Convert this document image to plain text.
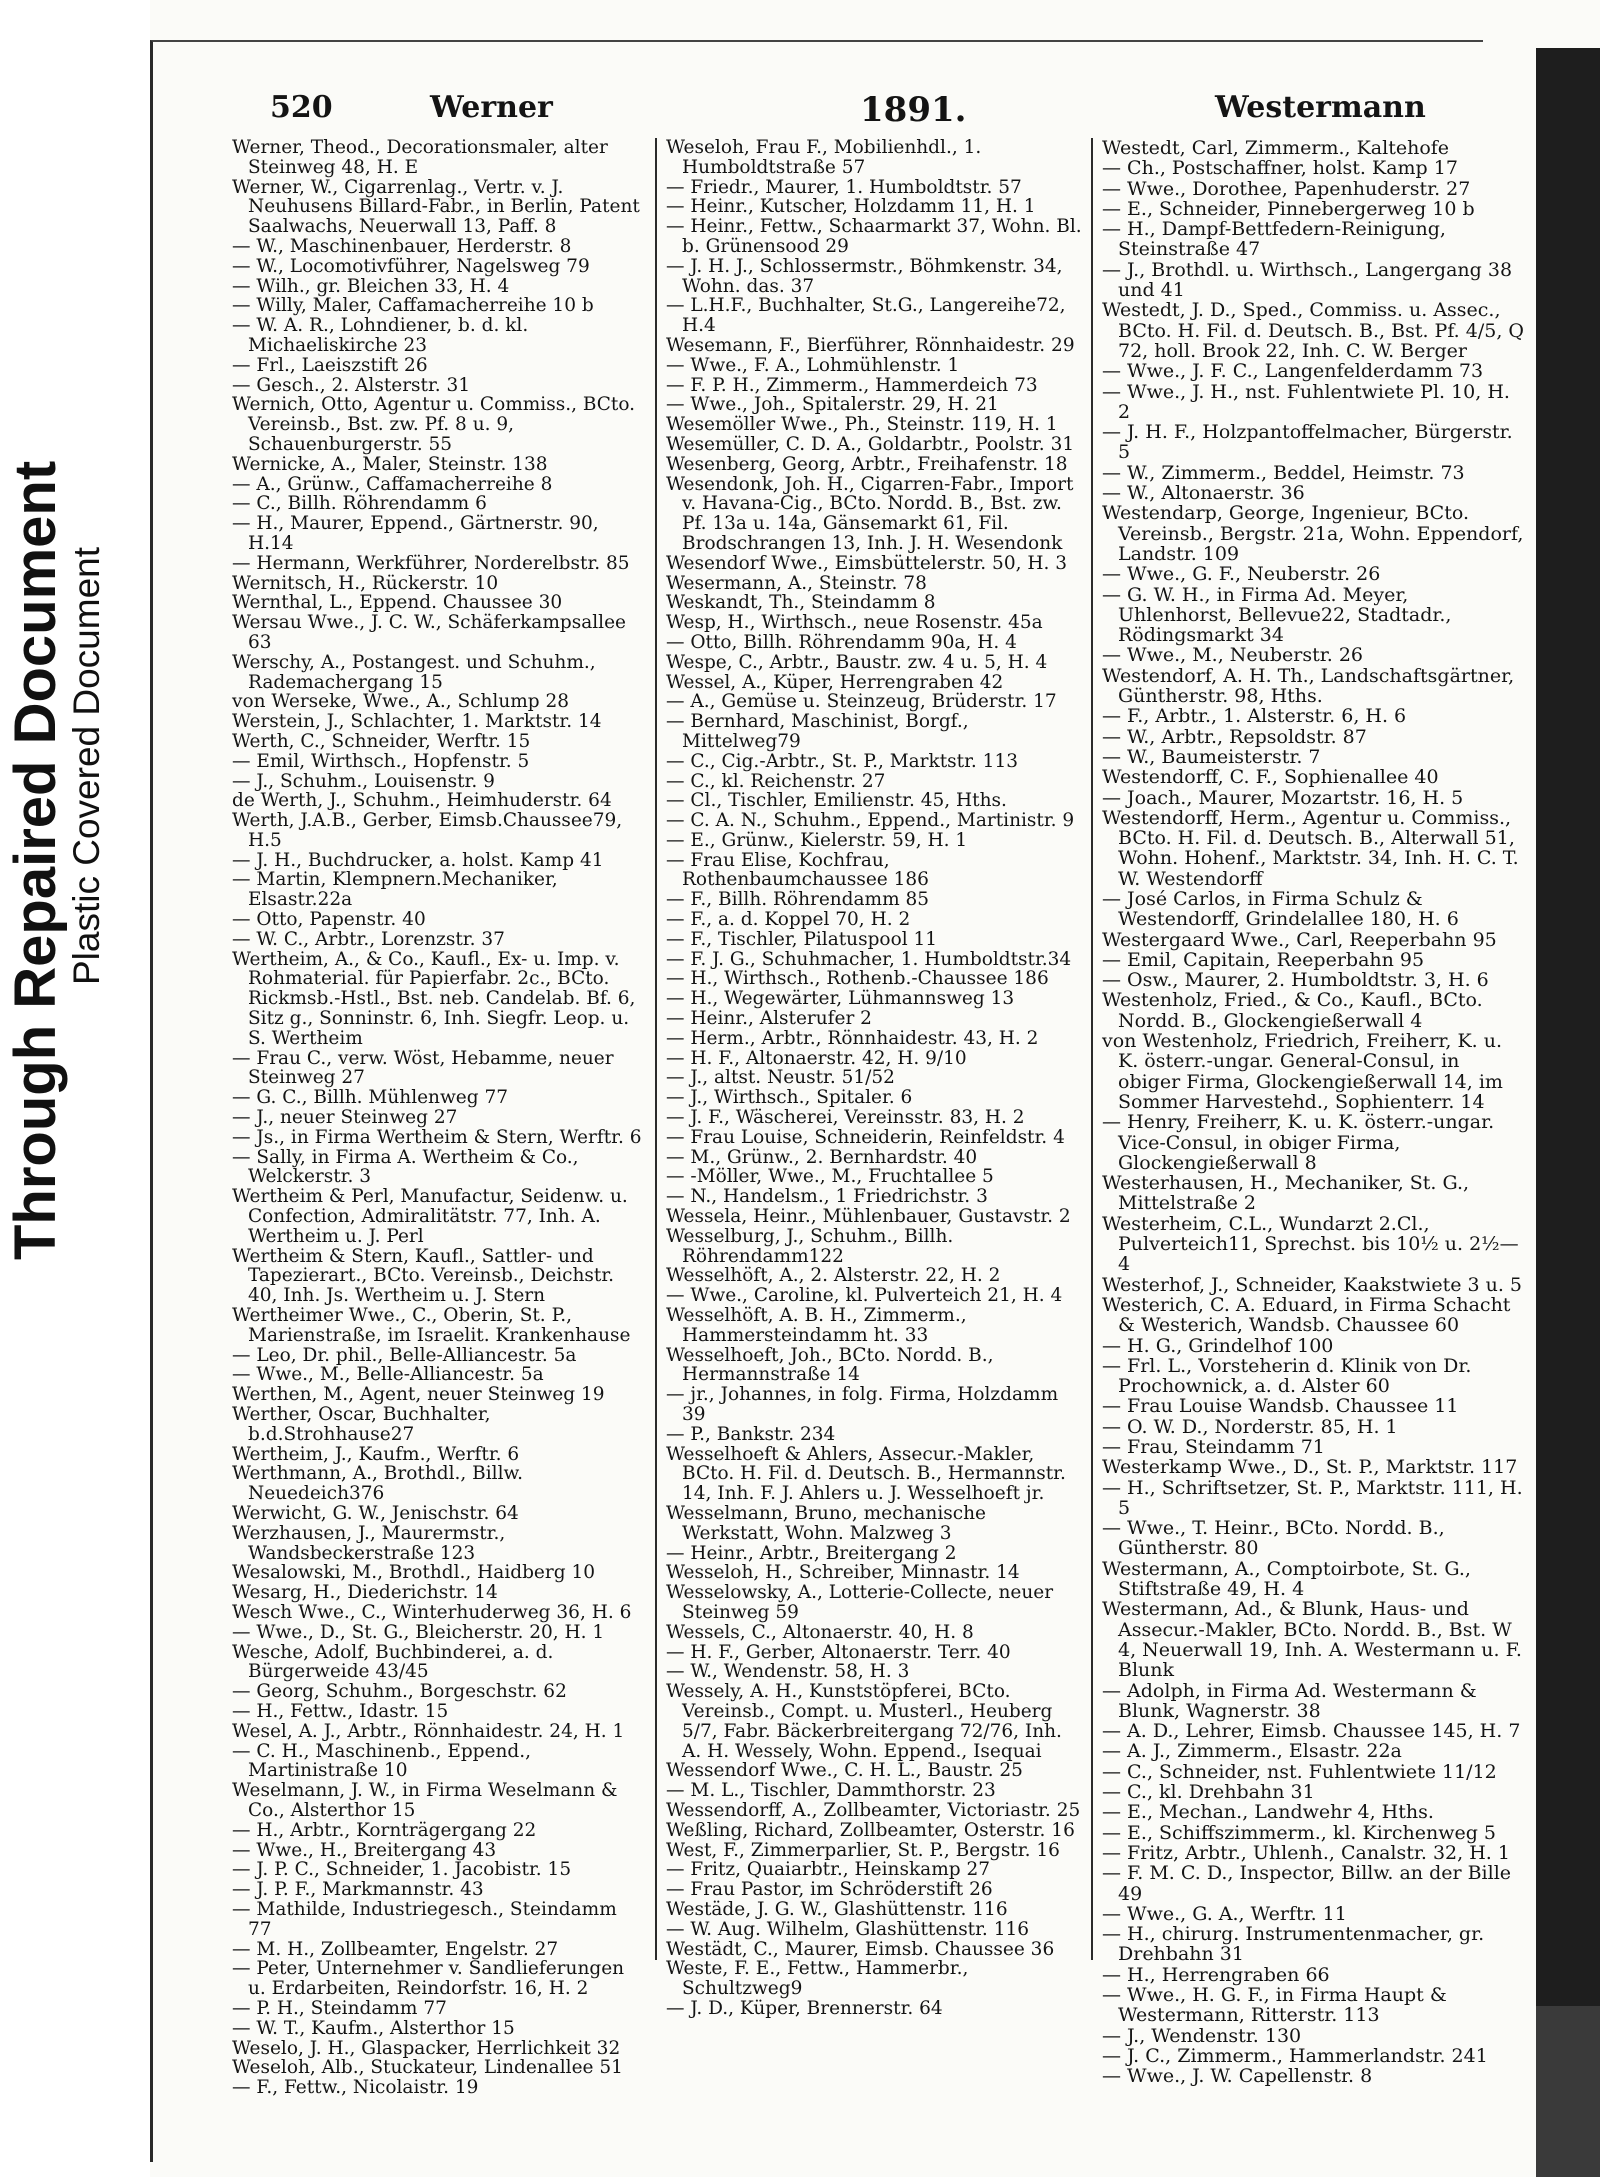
Through Repaired Document
Plastic Covered Document
520	Werner	1891.	Westermann

Werner, Theod., Decorationsmaler, alter Steinweg 48, H. E

Werner, W., Cigarrenlag., Vertr. v. J. Neuhusens Billard-Fabr., in Berlin, Patent Saalwachs, Neuerwall 13, Paff. 8

— W., Maschinenbauer, Herderstr. 8

— W., Locomotivführer, Nagelsweg 79

— Wilh., gr. Bleichen 33, H. 4

— Willy, Maler, Caffamacherreihe 10 b

— W. A. R., Lohndiener, b. d. kl. Michaeliskirche 23

— Frl., Laeiszstift 26

— Gesch., 2. Alsterstr. 31

Wernich, Otto, Agentur u. Commiss., BCto. Vereinsb., Bst. zw. Pf. 8 u. 9, Schauenburgerstr. 55

Wernicke, A., Maler, Steinstr. 138

— A., Grünw., Caffamacherreihe 8

— C., Billh. Röhrendamm 6

— H., Maurer, Eppend., Gärtnerstr. 90, H.14

— Hermann, Werkführer, Norderelbstr. 85

Wernitsch, H., Rückerstr. 10

Wernthal, L., Eppend. Chaussee 30

Wersau Wwe., J. C. W., Schäferkampsallee 63

Werschy, A., Postangest. und Schuhm., Rademachergang 15

von Werseke, Wwe., A., Schlump 28

Werstein, J., Schlachter, 1. Marktstr. 14

Werth, C., Schneider, Werftr. 15

— Emil, Wirthsch., Hopfenstr. 5

— J., Schuhm., Louisenstr. 9

de Werth, J., Schuhm., Heimhuderstr. 64

Werth, J.A.B., Gerber, Eimsb.Chaussee79, H.5

— J. H., Buchdrucker, a. holst. Kamp 41

— Martin, Klempnern.Mechaniker, Elsastr.22a

— Otto, Papenstr. 40

— W. C., Arbtr., Lorenzstr. 37

Wertheim, A., & Co., Kaufl., Ex- u. Imp. v. Rohmaterial. für Papierfabr. 2c., BCto. Rickmsb.-Hstl., Bst. neb. Candelab. Bf. 6, Sitz g., Sonninstr. 6, Inh. Siegfr. Leop. u. S. Wertheim

— Frau C., verw. Wöst, Hebamme, neuer Steinweg 27

— G. C., Billh. Mühlenweg 77

— J., neuer Steinweg 27

— Js., in Firma Wertheim & Stern, Werftr. 6

— Sally, in Firma A. Wertheim & Co., Welckerstr. 3

Wertheim & Perl, Manufactur, Seidenw. u. Confection, Admiralitätstr. 77, Inh. A. Wertheim u. J. Perl

Wertheim & Stern, Kaufl., Sattler- und Tapezierart., BCto. Vereinsb., Deichstr. 40, Inh. Js. Wertheim u. J. Stern

Wertheimer Wwe., C., Oberin, St. P., Marienstraße, im Israelit. Krankenhause

— Leo, Dr. phil., Belle-Alliancestr. 5a

— Wwe., M., Belle-Alliancestr. 5a

Werthen, M., Agent, neuer Steinweg 19

Werther, Oscar, Buchhalter, b.d.Strohhause27

Wertheim, J., Kaufm., Werftr. 6

Werthmann, A., Brothdl., Billw. Neuedeich376

Werwicht, G. W., Jenischstr. 64

Werzhausen, J., Maurermstr., Wandsbeckerstraße 123

Wesalowski, M., Brothdl., Haidberg 10

Wesarg, H., Diederichstr. 14

Wesch Wwe., C., Winterhuderweg 36, H. 6

— Wwe., D., St. G., Bleicherstr. 20, H. 1

Wesche, Adolf, Buchbinderei, a. d. Bürgerweide 43/45

— Georg, Schuhm., Borgeschstr. 62

— H., Fettw., Idastr. 15

Wesel, A. J., Arbtr., Rönnhaidestr. 24, H. 1

— C. H., Maschinenb., Eppend., Martinistraße 10

Weselmann, J. W., in Firma Weselmann & Co., Alsterthor 15

— H., Arbtr., Kornträgergang 22

— Wwe., H., Breitergang 43

— J. P. C., Schneider, 1. Jacobistr. 15

— J. P. F., Markmannstr. 43

— Mathilde, Industriegesch., Steindamm 77

— M. H., Zollbeamter, Engelstr. 27

— Peter, Unternehmer v. Sandlieferungen u. Erdarbeiten, Reindorfstr. 16, H. 2

— P. H., Steindamm 77

— W. T., Kaufm., Alsterthor 15

Weselo, J. H., Glaspacker, Herrlichkeit 32

Weseloh, Alb., Stuckateur, Lindenallee 51

— F., Fettw., Nicolaistr. 19

Weseloh, Frau F., Mobilienhdl., 1. Humboldtstraße 57

— Friedr., Maurer, 1. Humboldtstr. 57

— Heinr., Kutscher, Holzdamm 11, H. 1

— Heinr., Fettw., Schaarmarkt 37, Wohn. Bl. b. Grünensood 29

— J. H. J., Schlossermstr., Böhmkenstr. 34, Wohn. das. 37

— L.H.F., Buchhalter, St.G., Langereihe72, H.4

Wesemann, F., Bierführer, Rönnhaidestr. 29

— Wwe., F. A., Lohmühlenstr. 1

— F. P. H., Zimmerm., Hammerdeich 73

— Wwe., Joh., Spitalerstr. 29, H. 21

Wesemöller Wwe., Ph., Steinstr. 119, H. 1

Wesemüller, C. D. A., Goldarbtr., Poolstr. 31

Wesenberg, Georg, Arbtr., Freihafenstr. 18

Wesendonk, Joh. H., Cigarren-Fabr., Import v. Havana-Cig., BCto. Nordd. B., Bst. zw. Pf. 13a u. 14a, Gänsemarkt 61, Fil. Brodschrangen 13, Inh. J. H. Wesendonk

Wesendorf Wwe., Eimsbüttelerstr. 50, H. 3

Wesermann, A., Steinstr. 78

Weskandt, Th., Steindamm 8

Wesp, H., Wirthsch., neue Rosenstr. 45a

— Otto, Billh. Röhrendamm 90a, H. 4

Wespe, C., Arbtr., Baustr. zw. 4 u. 5, H. 4

Wessel, A., Küper, Herrengraben 42

— A., Gemüse u. Steinzeug, Brüderstr. 17

— Bernhard, Maschinist, Borgf., Mittelweg79

— C., Cig.-Arbtr., St. P., Marktstr. 113

— C., kl. Reichenstr. 27

— Cl., Tischler, Emilienstr. 45, Hths.

— C. A. N., Schuhm., Eppend., Martinistr. 9

— E., Grünw., Kielerstr. 59, H. 1

— Frau Elise, Kochfrau, Rothenbaumchaussee 186

— F., Billh. Röhrendamm 85

— F., a. d. Koppel 70, H. 2

— F., Tischler, Pilatuspool 11

— F. J. G., Schuhmacher, 1. Humboldtstr.34

— H., Wirthsch., Rothenb.-Chaussee 186

— H., Wegewärter, Lühmannsweg 13

— Heinr., Alsterufer 2

— Herm., Arbtr., Rönnhaidestr. 43, H. 2

— H. F., Altonaerstr. 42, H. 9/10

— J., altst. Neustr. 51/52

— J., Wirthsch., Spitaler. 6

— J. F., Wäscherei, Vereinsstr. 83, H. 2

— Frau Louise, Schneiderin, Reinfeldstr. 4

— M., Grünw., 2. Bernhardstr. 40

— -Möller, Wwe., M., Fruchtallee 5

— N., Handelsm., 1 Friedrichstr. 3

Wessela, Heinr., Mühlenbauer, Gustavstr. 2

Wesselburg, J., Schuhm., Billh. Röhrendamm122

Wesselhöft, A., 2. Alsterstr. 22, H. 2

— Wwe., Caroline, kl. Pulverteich 21, H. 4

Wesselhöft, A. B. H., Zimmerm., Hammersteindamm ht. 33

Wesselhoeft, Joh., BCto. Nordd. B., Hermannstraße 14

— jr., Johannes, in folg. Firma, Holzdamm 39

— P., Bankstr. 234

Wesselhoeft & Ahlers, Assecur.-Makler, BCto. H. Fil. d. Deutsch. B., Hermannstr. 14, Inh. F. J. Ahlers u. J. Wesselhoeft jr.

Wesselmann, Bruno, mechanische Werkstatt, Wohn. Malzweg 3

— Heinr., Arbtr., Breitergang 2

Wesseloh, H., Schreiber, Minnastr. 14

Wesselowsky, A., Lotterie-Collecte, neuer Steinweg 59

Wessels, C., Altonaerstr. 40, H. 8

— H. F., Gerber, Altonaerstr. Terr. 40

— W., Wendenstr. 58, H. 3

Wessely, A. H., Kunststöpferei, BCto. Vereinsb., Compt. u. Musterl., Heuberg 5/7, Fabr. Bäckerbreitergang 72/76, Inh. A. H. Wessely, Wohn. Eppend., Isequai

Wessendorf Wwe., C. H. L., Baustr. 25

— M. L., Tischler, Dammthorstr. 23

Wessendorff, A., Zollbeamter, Victoriastr. 25

Weßling, Richard, Zollbeamter, Osterstr. 16

West, F., Zimmerparlier, St. P., Bergstr. 16

— Fritz, Quaiarbtr., Heinskamp 27

— Frau Pastor, im Schröderstift 26

Westäde, J. G. W., Glashüttenstr. 116

— W. Aug. Wilhelm, Glashüttenstr. 116

Westädt, C., Maurer, Eimsb. Chaussee 36

Weste, F. E., Fettw., Hammerbr., Schultzweg9

— J. D., Küper, Brennerstr. 64

Westedt, Carl, Zimmerm., Kaltehofe

— Ch., Postschaffner, holst. Kamp 17

— Wwe., Dorothee, Papenhuderstr. 27

— E., Schneider, Pinnebergerweg 10 b

— H., Dampf-Bettfedern-Reinigung, Steinstraße 47

— J., Brothdl. u. Wirthsch., Langergang 38 und 41

Westedt, J. D., Sped., Commiss. u. Assec., BCto. H. Fil. d. Deutsch. B., Bst. Pf. 4/5, Q 72, holl. Brook 22, Inh. C. W. Berger

— Wwe., J. F. C., Langenfelderdamm 73

— Wwe., J. H., nst. Fuhlentwiete Pl. 10, H. 2

— J. H. F., Holzpantoffelmacher, Bürgerstr. 5

— W., Zimmerm., Beddel, Heimstr. 73

— W., Altonaerstr. 36

Westendarp, George, Ingenieur, BCto. Vereinsb., Bergstr. 21a, Wohn. Eppendorf, Landstr. 109

— Wwe., G. F., Neuberstr. 26

— G. W. H., in Firma Ad. Meyer, Uhlenhorst, Bellevue22, Stadtadr., Rödingsmarkt 34

— Wwe., M., Neuberstr. 26

Westendorf, A. H. Th., Landschaftsgärtner, Güntherstr. 98, Hths.

— F., Arbtr., 1. Alsterstr. 6, H. 6

— W., Arbtr., Repsoldstr. 87

— W., Baumeisterstr. 7

Westendorff, C. F., Sophienallee 40

— Joach., Maurer, Mozartstr. 16, H. 5

Westendorff, Herm., Agentur u. Commiss., BCto. H. Fil. d. Deutsch. B., Alterwall 51, Wohn. Hohenf., Marktstr. 34, Inh. H. C. T. W. Westendorff

— José Carlos, in Firma Schulz & Westendorff, Grindelallee 180, H. 6

Westergaard Wwe., Carl, Reeperbahn 95

— Emil, Capitain, Reeperbahn 95

— Osw., Maurer, 2. Humboldtstr. 3, H. 6

Westenholz, Fried., & Co., Kaufl., BCto. Nordd. B., Glockengießerwall 4

von Westenholz, Friedrich, Freiherr, K. u. K. österr.-ungar. General-Consul, in obiger Firma, Glockengießerwall 14, im Sommer Harvestehd., Sophienterr. 14

— Henry, Freiherr, K. u. K. österr.-ungar. Vice-Consul, in obiger Firma, Glockengießerwall 8

Westerhausen, H., Mechaniker, St. G., Mittelstraße 2

Westerheim, C.L., Wundarzt 2.Cl., Pulverteich11, Sprechst. bis 10½ u. 2½—4

Westerhof, J., Schneider, Kaakstwiete 3 u. 5

Westerich, C. A. Eduard, in Firma Schacht & Westerich, Wandsb. Chaussee 60

— H. G., Grindelhof 100

— Frl. L., Vorsteherin d. Klinik von Dr. Prochownick, a. d. Alster 60

— Frau Louise Wandsb. Chaussee 11

— O. W. D., Norderstr. 85, H. 1

— Frau, Steindamm 71

Westerkamp Wwe., D., St. P., Marktstr. 117

— H., Schriftsetzer, St. P., Marktstr. 111, H. 5

— Wwe., T. Heinr., BCto. Nordd. B., Güntherstr. 80

Westermann, A., Comptoirbote, St. G., Stiftstraße 49, H. 4

Westermann, Ad., & Blunk, Haus- und Assecur.-Makler, BCto. Nordd. B., Bst. W 4, Neuerwall 19, Inh. A. Westermann u. F. Blunk

— Adolph, in Firma Ad. Westermann & Blunk, Wagnerstr. 38

— A. D., Lehrer, Eimsb. Chaussee 145, H. 7

— A. J., Zimmerm., Elsastr. 22a

— C., Schneider, nst. Fuhlentwiete 11/12

— C., kl. Drehbahn 31

— E., Mechan., Landwehr 4, Hths.

— E., Schiffszimmerm., kl. Kirchenweg 5

— Fritz, Arbtr., Uhlenh., Canalstr. 32, H. 1

— F. M. C. D., Inspector, Billw. an der Bille 49

— Wwe., G. A., Werftr. 11

— H., chirurg. Instrumentenmacher, gr. Drehbahn 31

— H., Herrengraben 66

— Wwe., H. G. F., in Firma Haupt & Westermann, Ritterstr. 113

— J., Wendenstr. 130

— J. C., Zimmerm., Hammerlandstr. 241

— Wwe., J. W. Capellenstr. 8
